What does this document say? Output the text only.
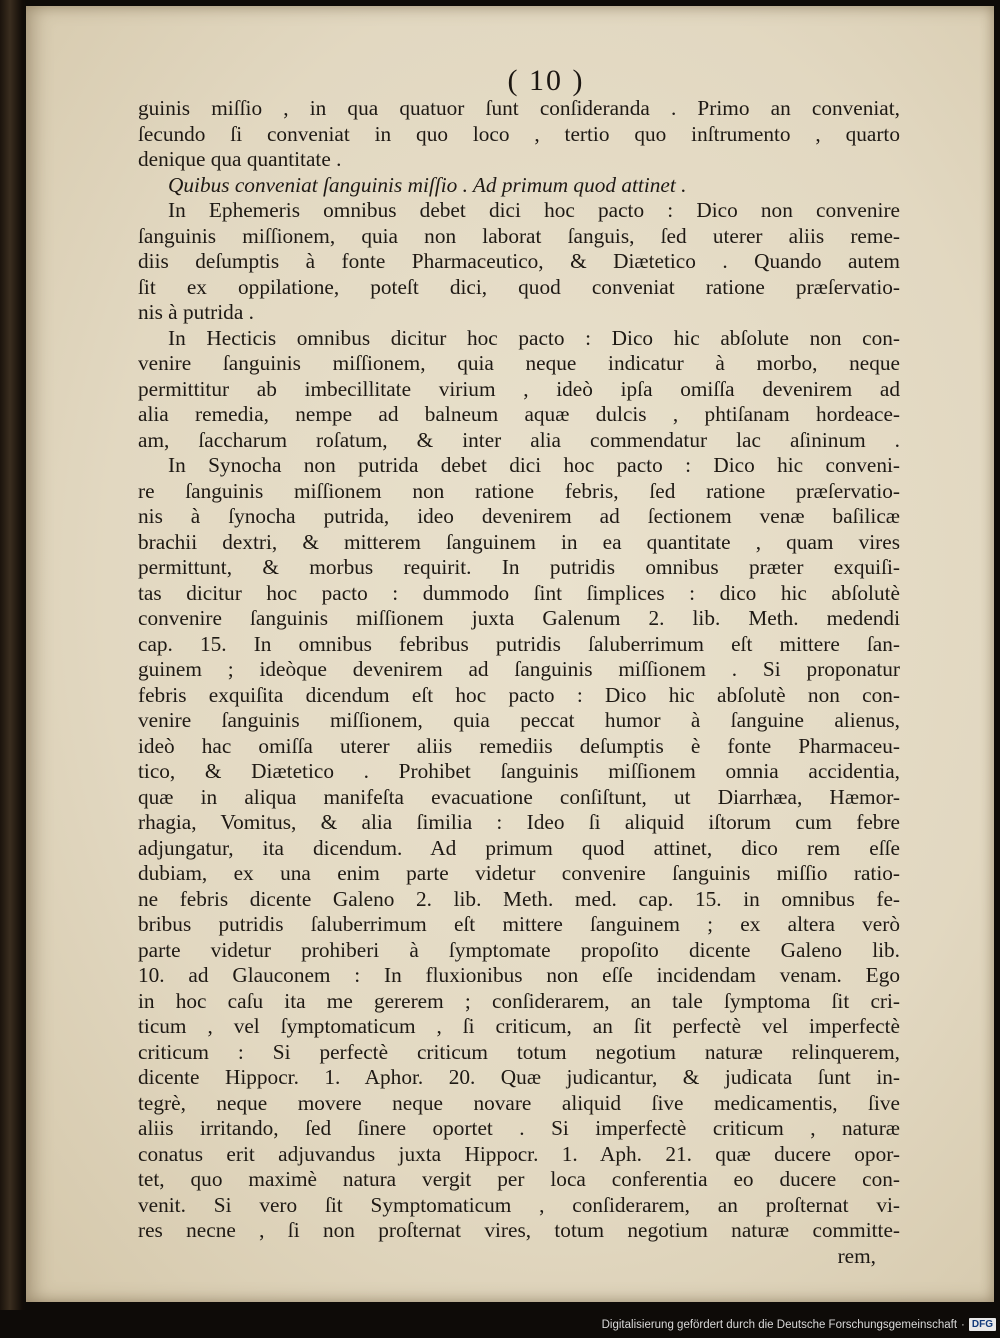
( 10 )
guinis miſſio , in qua quatuor ſunt conſideranda . Primo an conveniat,
ſecundo ſi conveniat in quo loco , tertio quo inſtrumento , quarto
denique qua quantitate .
Quibus conveniat ſanguinis miſſio . Ad primum quod attinet .
In Ephemeris omnibus debet dici hoc pacto : Dico non convenire
ſanguinis miſſionem, quia non laborat ſanguis, ſed uterer aliis reme-
diis deſumptis à fonte Pharmaceutico, & Diætetico . Quando autem
ſit ex oppilatione, poteſt dici, quod conveniat ratione præſervatio-
nis à putrida .
In Hecticis omnibus dicitur hoc pacto : Dico hic abſolute non con-
venire ſanguinis miſſionem, quia neque indicatur à morbo, neque
permittitur ab imbecillitate virium , ideò ipſa omiſſa devenirem ad
alia remedia, nempe ad balneum aquæ dulcis , phtiſanam hordeace-
am, ſaccharum roſatum, & inter alia commendatur lac aſininum .
In Synocha non putrida debet dici hoc pacto : Dico hic conveni-
re ſanguinis miſſionem non ratione febris, ſed ratione præſervatio-
nis à ſynocha putrida, ideo devenirem ad ſectionem venæ baſilicæ
brachii dextri, & mitterem ſanguinem in ea quantitate , quam vires
permittunt, & morbus requirit. In putridis omnibus præter exquiſi-
tas dicitur hoc pacto : dummodo ſint ſimplices : dico hic abſolutè
convenire ſanguinis miſſionem juxta Galenum 2. lib. Meth. medendi
cap. 15. In omnibus febribus putridis ſaluberrimum eſt mittere ſan-
guinem ; ideòque devenirem ad ſanguinis miſſionem . Si proponatur
febris exquiſita dicendum eſt hoc pacto : Dico hic abſolutè non con-
venire ſanguinis miſſionem, quia peccat humor à ſanguine alienus,
ideò hac omiſſa uterer aliis remediis deſumptis è fonte Pharmaceu-
tico, & Diætetico . Prohibet ſanguinis miſſionem omnia accidentia,
quæ in aliqua manifeſta evacuatione conſiſtunt, ut Diarrhæa, Hæmor-
rhagia, Vomitus, & alia ſimilia : Ideo ſi aliquid iſtorum cum febre
adjungatur, ita dicendum. Ad primum quod attinet, dico rem eſſe
dubiam, ex una enim parte videtur convenire ſanguinis miſſio ratio-
ne febris dicente Galeno 2. lib. Meth. med. cap. 15. in omnibus fe-
bribus putridis ſaluberrimum eſt mittere ſanguinem ; ex altera verò
parte videtur prohiberi à ſymptomate propoſito dicente Galeno lib.
10. ad Glauconem : In fluxionibus non eſſe incidendam venam. Ego
in hoc caſu ita me gererem ; conſiderarem, an tale ſymptoma ſit cri-
ticum , vel ſymptomaticum , ſi criticum, an ſit perfectè vel imperfectè
criticum : Si perfectè criticum totum negotium naturæ relinquerem,
dicente Hippocr. 1. Aphor. 20. Quæ judicantur, & judicata ſunt in-
tegrè, neque movere neque novare aliquid ſive medicamentis, ſive
aliis irritando, ſed ſinere oportet . Si imperfectè criticum , naturæ
conatus erit adjuvandus juxta Hippocr. 1. Aph. 21. quæ ducere opor-
tet, quo maximè natura vergit per loca conferentia eo ducere con-
venit. Si vero ſit Symptomaticum , conſiderarem, an proſternat vi-
res necne , ſi non proſternat vires, totum negotium naturæ committe-
rem,
Digitalisierung gefördert durch die Deutsche Forschungsgemeinschaft · DFG
